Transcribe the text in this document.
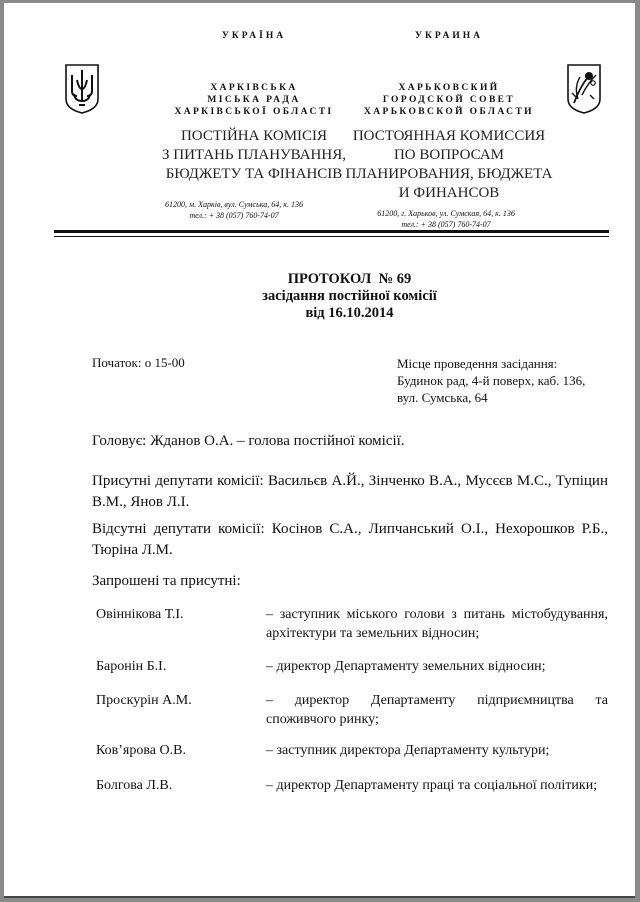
УКРАЇНА
ХАРКІВСЬКА
МІСЬКА РАДА
ХАРКІВСЬКОЇ ОБЛАСТІ
ПОСТІЙНА КОМІСІЯ
З ПИТАНЬ ПЛАНУВАННЯ,
БЮДЖЕТУ ТА ФІНАНСІВ
61200, м. Харків, вул. Сумська, 64, к. 136
тел.: + 38 (057) 760-74-07
УКРАИНА
ХАРЬКОВСКИЙ
ГОРОДСКОЙ СОВЕТ
ХАРЬКОВСКОЙ ОБЛАСТИ
ПОСТОЯННАЯ КОМИССИЯ
ПО ВОПРОСАМ
ПЛАНИРОВАНИЯ, БЮДЖЕТА
И ФИНАНСОВ
61200, г. Харьков, ул. Сумская, 64, к. 136
тел.: + 38 (057) 760-74-07
ПРОТОКОЛ  № 69
засідання постійної комісії
від 16.10.2014
Початок: о 15-00	Місце проведення засідання:
Будинок рад, 4-й поверх, каб. 136,
вул. Сумська, 64
Головує: Жданов О.А. – голова постійної комісії.
Присутні депутати комісії: Васильєв А.Й., Зінченко В.А., Мусєєв М.С., Тупіцин В.М., Янов Л.І.
Відсутні депутати комісії: Косінов С.А., Липчанський О.І., Нехорошков Р.Б., Тюріна Л.М.
Запрошені та присутні:
Овіннікова Т.І.	– заступник міського голови з питань містобудування, архітектури та земельних відносин;
Баронін Б.І.	– директор Департаменту земельних відносин;
Проскурін А.М.	– директор Департаменту підприємництва та споживчого ринку;
Ков’ярова О.В.	– заступник директора Департаменту культури;
Болгова Л.В.	– директор Департаменту праці та соціальної політики;
